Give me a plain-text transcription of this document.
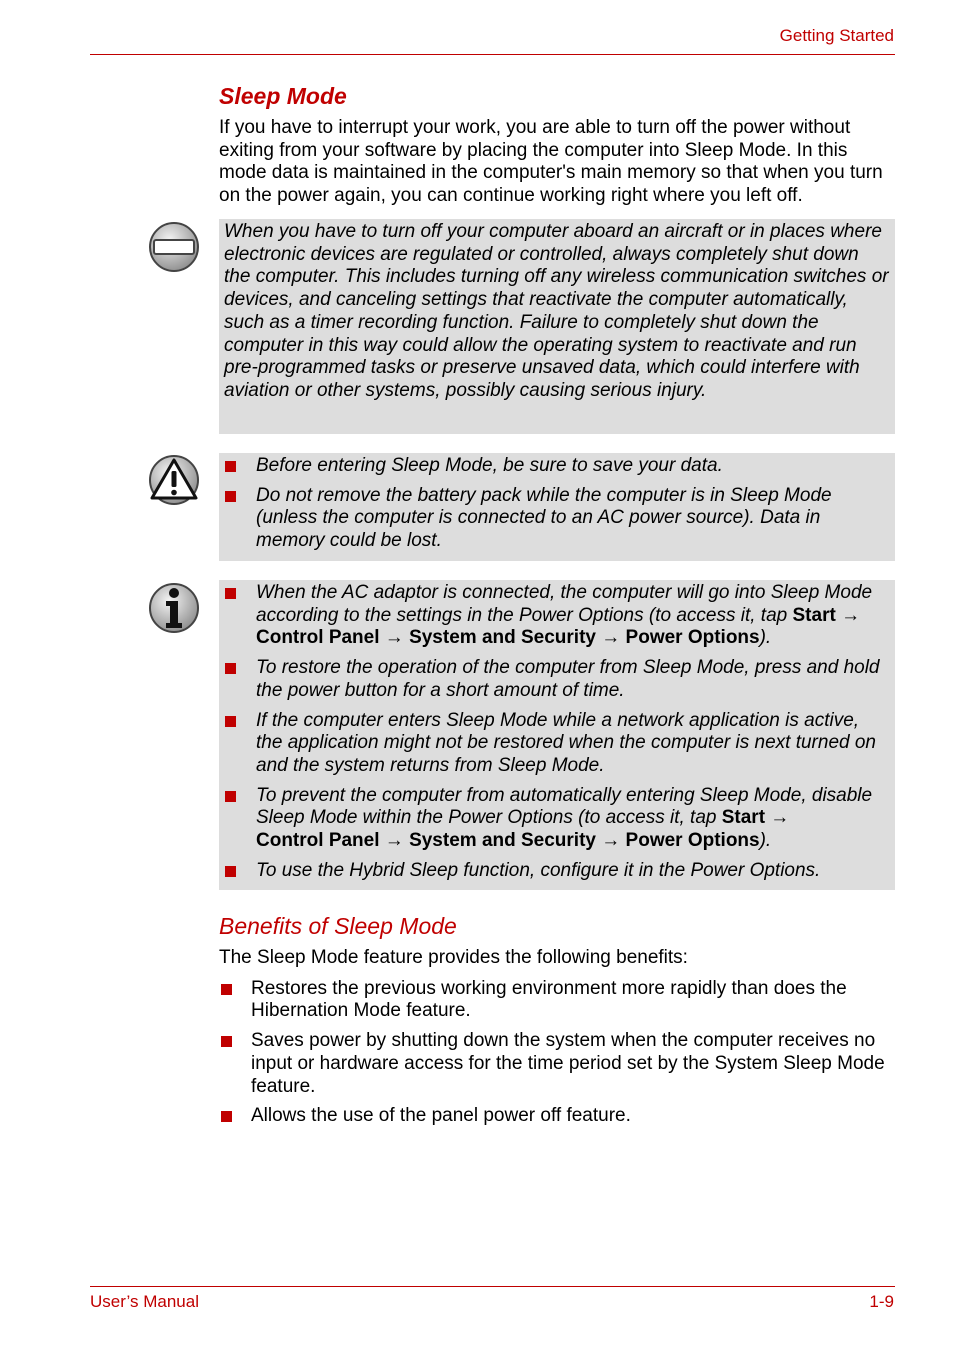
Getting Started
Sleep Mode

If you have to interrupt your work, you are able to turn off the power without exiting from your software by placing the computer into Sleep Mode. In this mode data is maintained in the computer's main memory so that when you turn on the power again, you can continue working right where you left off.

When you have to turn off your computer aboard an aircraft or in places where electronic devices are regulated or controlled, always completely shut down the computer. This includes turning off any wireless communication switches or devices, and canceling settings that reactivate the computer automatically, such as a timer recording function. Failure to completely shut down the computer in this way could allow the operating system to reactivate and run pre-programmed tasks or preserve unsaved data, which could interfere with aviation or other systems, possibly causing serious injury.
Before entering Sleep Mode, be sure to save your data.
Do not remove the battery pack while the computer is in Sleep Mode (unless the computer is connected to an AC power source). Data in memory could be lost.
When the AC adaptor is connected, the computer will go into Sleep Mode according to the settings in the Power Options (to access it, tap Start → Control Panel → System and Security → Power Options).
To restore the operation of the computer from Sleep Mode, press and hold the power button for a short amount of time.
If the computer enters Sleep Mode while a network application is active, the application might not be restored when the computer is next turned on and the system returns from Sleep Mode.
To prevent the computer from automatically entering Sleep Mode, disable Sleep Mode within the Power Options (to access it, tap Start →
Control Panel → System and Security → Power Options).
To use the Hybrid Sleep function, configure it in the Power Options.
Benefits of Sleep Mode

The Sleep Mode feature provides the following benefits:

Restores the previous working environment more rapidly than does the Hibernation Mode feature.
Saves power by shutting down the system when the computer receives no input or hardware access for the time period set by the System Sleep Mode feature.
Allows the use of the panel power off feature.
User’s Manual	1-9
